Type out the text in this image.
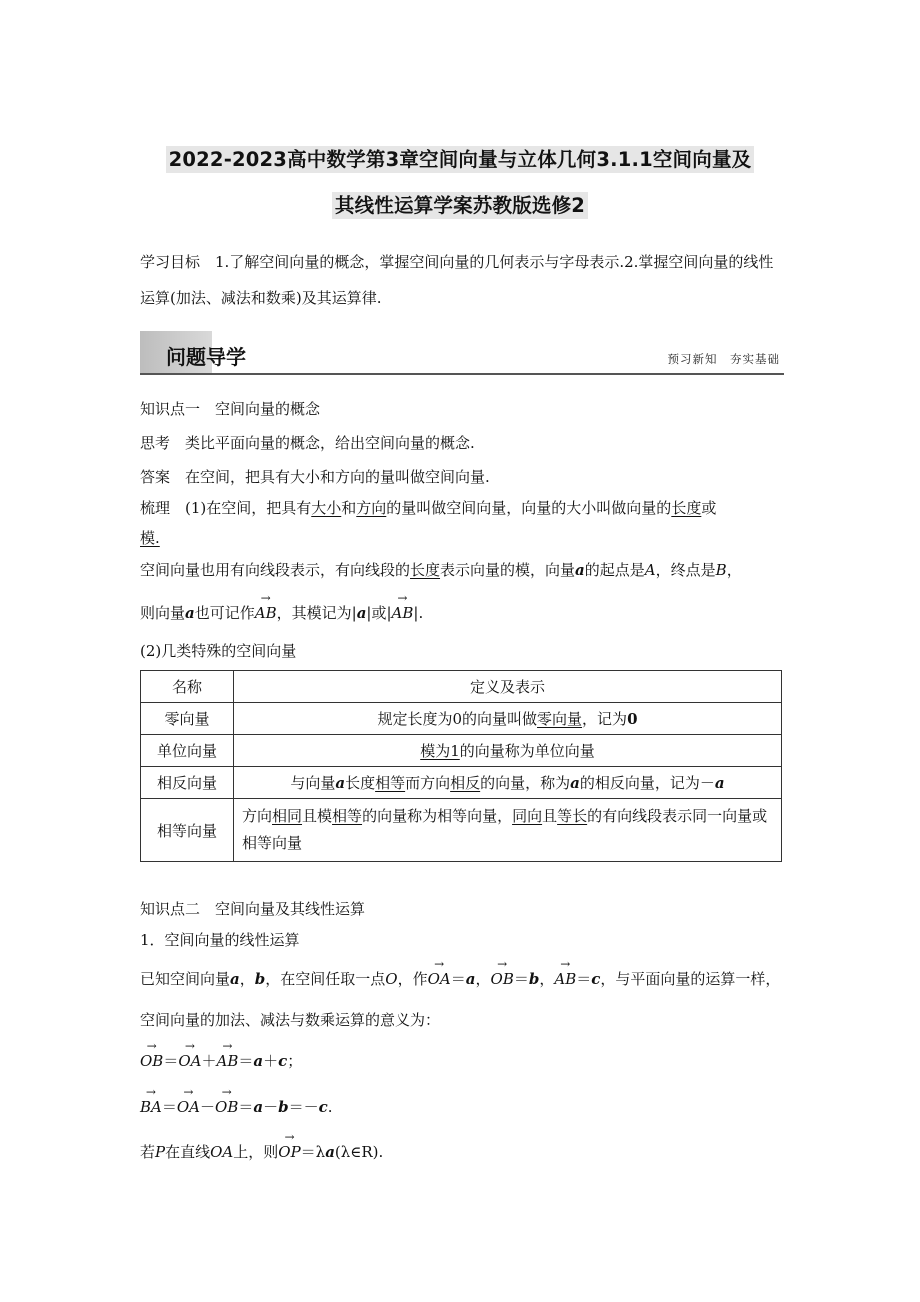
2022-2023高中数学第3章空间向量与立体几何3.1.1空间向量及
其线性运算学案苏教版选修2
学习目标　1.了解空间向量的概念，掌握空间向量的几何表示与字母表示.2.掌握空间向量的线性运算(加法、减法和数乘)及其运算律.
问题导学	预习新知　夯实基础
知识点一　空间向量的概念
思考　类比平面向量的概念，给出空间向量的概念.
答案　在空间，把具有大小和方向的量叫做空间向量.
梳理　(1)在空间，把具有大小和方向的量叫做空间向量，向量的大小叫做向量的长度或
模.
空间向量也用有向线段表示，有向线段的长度表示向量的模，向量a的起点是A，终点是B，
则向量a也可记作→ AB，其模记为|a|或|→ AB|.
(2)几类特殊的空间向量
名称	定义及表示
零向量	规定长度为0的向量叫做零向量，记为0
单位向量	模为1的向量称为单位向量
相反向量	与向量a长度相等而方向相反的向量，称为a的相反向量，记为－a
相等向量	方向相同且模相等的向量称为相等向量，同向且等长的有向线段表示同一向量或相等向量
知识点二　空间向量及其线性运算
1．空间向量的线性运算
已知空间向量a，b，在空间任取一点O，作→ OA＝a，→ OB＝b，→ AB＝c，与平面向量的运算一样，
空间向量的加法、减法与数乘运算的意义为：
→ OB＝→ OA＋→ AB＝a＋c；
→ BA＝→ OA－→ OB＝a－b＝－c.
若P在直线OA上，则→ OP＝λa(λ∈R).
